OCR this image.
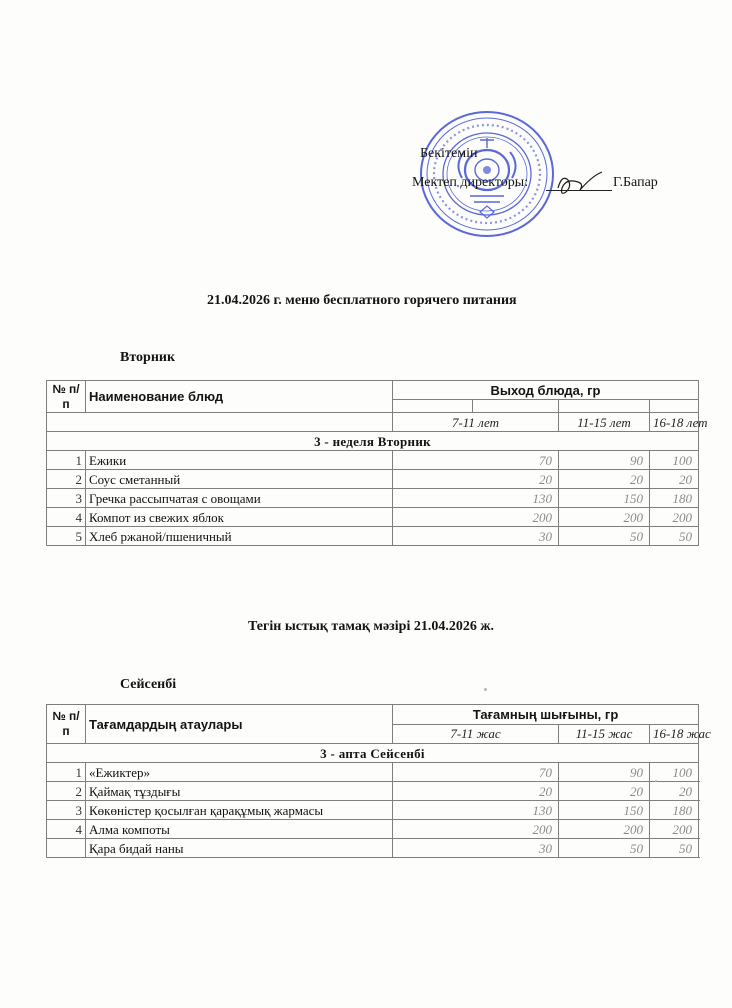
Бекітемін
Мектеп директоры:	Г.Бапар
21.04.2026 г. меню бесплатного горячего питания
Вторник
№ п/п	Наименование блюд	Выход блюда, гр			

		7-11 лет		11-15 лет	16-18 лет
3 - неделя Вторник					
1	Ежики	70		90	100
2	Соус сметанный	20		20	20
3	Гречка рассыпчатая с овощами	130		150	180
4	Компот из свежих яблок	200		200	200
5	Хлеб ржаной/пшеничный	30		50	50
Тегін ыстық тамақ мәзірі 21.04.2026 ж.
Сейсенбі
№ п/п	Тағамдардың атаулары	Тағамның шығыны, гр		
		7-11 жас	11-15 жас	16-18 жас
3 - апта Сейсенбі				
1	«Ежиктер»	70	90	100
2	Қаймақ тұздығы	20	20	20
3	Көкөністер қосылған қарақұмық жармасы	130	150	180
4	Алма компоты	200	200	200
	Қара бидай наны	30	50	50
